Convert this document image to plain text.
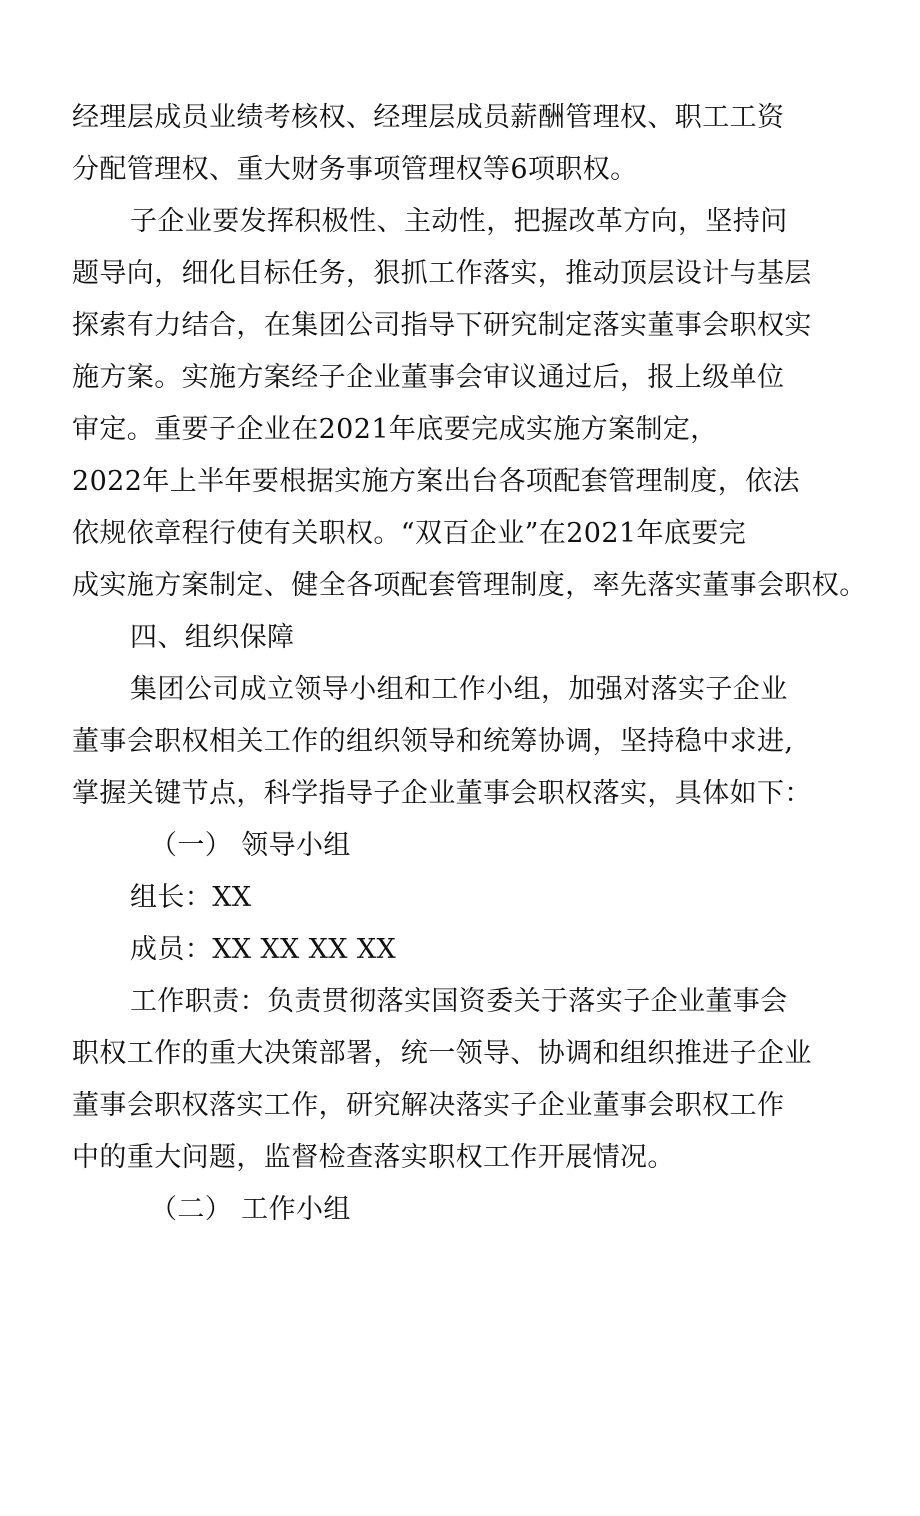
经理层成员业绩考核权、经理层成员薪酬管理权、职工工资
分配管理权、重大财务事项管理权等6项职权。
子企业要发挥积极性、主动性，把握改革方向，坚持问
题导向，细化目标任务，狠抓工作落实，推动顶层设计与基层
探索有力结合，在集团公司指导下研究制定落实董事会职权实
施方案。实施方案经子企业董事会审议通过后，报上级单位
审定。重要子企业在2021年底要完成实施方案制定，
2022年上半年要根据实施方案出台各项配套管理制度，依法
依规依章程行使有关职权。“双百企业”在2021年底要完
成实施方案制定、健全各项配套管理制度，率先落实董事会职权。
四、组织保障
集团公司成立领导小组和工作小组，加强对落实子企业
董事会职权相关工作的组织领导和统筹协调，坚持稳中求进,
掌握关键节点，科学指导子企业董事会职权落实，具体如下：
（一） 领导小组
组长：XX
成员：XX XX XX XX
工作职责：负责贯彻落实国资委关于落实子企业董事会
职权工作的重大决策部署，统一领导、协调和组织推进子企业
董事会职权落实工作，研究解决落实子企业董事会职权工作
中的重大问题，监督检查落实职权工作开展情况。
（二） 工作小组
